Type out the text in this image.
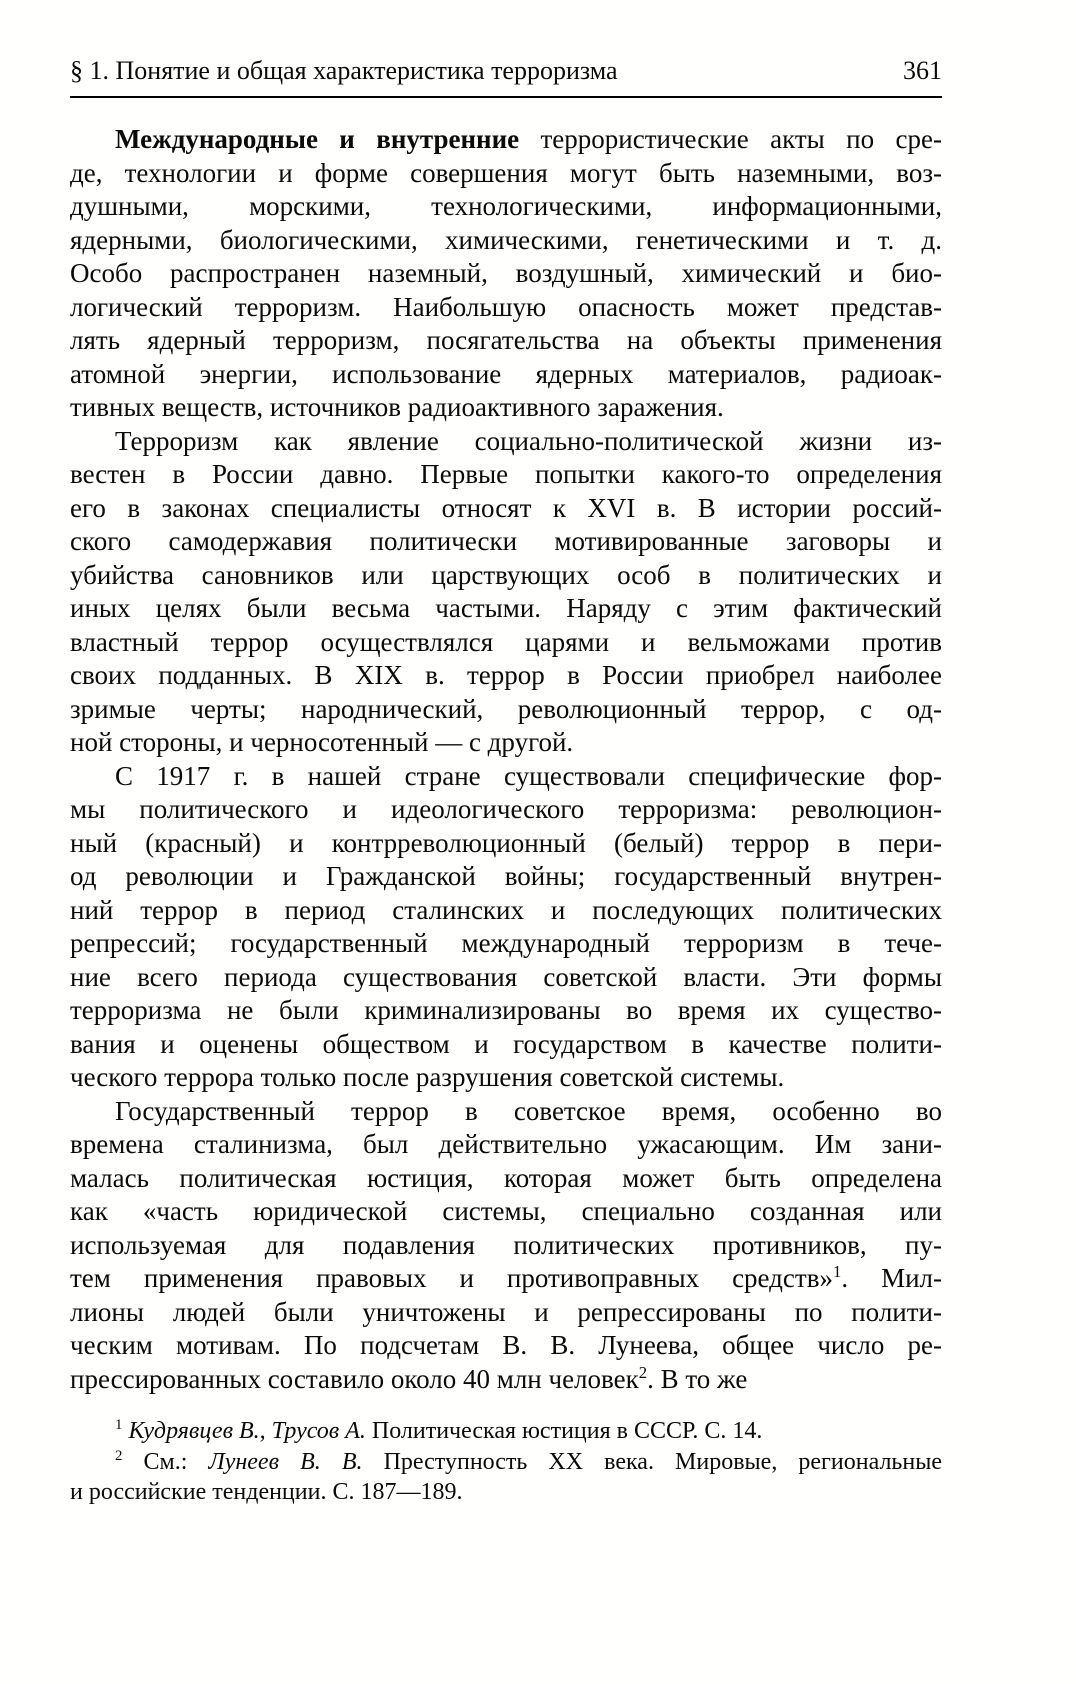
§ 1. Понятие и общая характеристика терроризма	361
Международные и внутренние террористические акты по сре-
де, технологии и форме совершения могут быть наземными, воз-
душными, морскими, технологическими, информационными,
ядерными, биологическими, химическими, генетическими и т. д.
Особо распространен наземный, воздушный, химический и био-
логический терроризм. Наибольшую опасность может представ-
лять ядерный терроризм, посягательства на объекты применения
атомной энергии, использование ядерных материалов, радиоак-
тивных веществ, источников радиоактивного заражения.
Терроризм как явление социально-политической жизни из-
вестен в России давно. Первые попытки какого-то определения
его в законах специалисты относят к XVI в. В истории россий-
ского самодержавия политически мотивированные заговоры и
убийства сановников или царствующих особ в политических и
иных целях были весьма частыми. Наряду с этим фактический
властный террор осуществлялся царями и вельможами против
своих подданных. В XIX в. террор в России приобрел наиболее
зримые черты; народнический, революционный террор, с од-
ной стороны, и черносотенный — с другой.
С 1917 г. в нашей стране существовали специфические фор-
мы политического и идеологического терроризма: революцион-
ный (красный) и контрреволюционный (белый) террор в пери-
од революции и Гражданской войны; государственный внутрен-
ний террор в период сталинских и последующих политических
репрессий; государственный международный терроризм в тече-
ние всего периода существования советской власти. Эти формы
терроризма не были криминализированы во время их существо-
вания и оценены обществом и государством в качестве полити-
ческого террора только после разрушения советской системы.
Государственный террор в советское время, особенно во
времена сталинизма, был действительно ужасающим. Им зани-
малась политическая юстиция, которая может быть определена
как «часть юридической системы, специально созданная или
используемая для подавления политических противников, пу-
тем применения правовых и противоправных средств»$^1$. Мил-
лионы людей были уничтожены и репрессированы по полити-
ческим мотивам. По подсчетам В. В. Лунеева, общее число ре-
прессированных составило около 40 млн человек$^2$. В то же
$^1$ Кудрявцев В., Трусов А. Политическая юстиция в СССР. С. 14.
$^2$ См.: Лунеев В. В. Преступность XX века. Мировые, региональные
и российские тенденции. С. 187—189.
